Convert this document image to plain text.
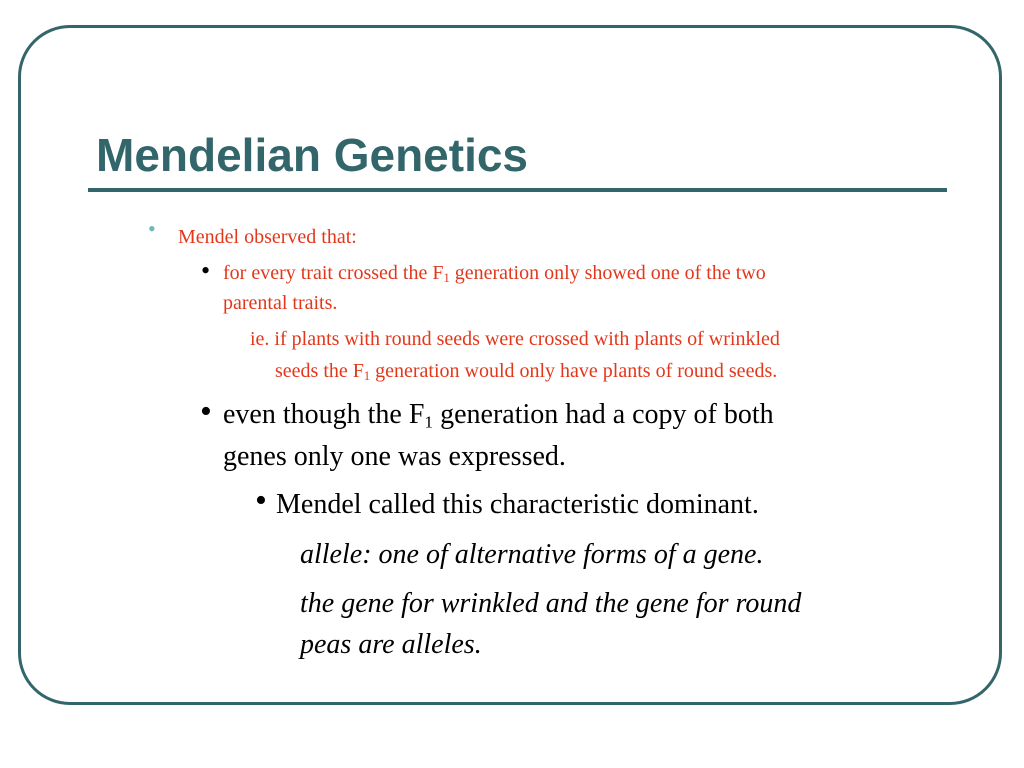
Mendelian Genetics
• Mendel observed that:
• for every trait crossed the $F_1$ generation only showed one of the two
parental traits.
ie. if plants with round seeds were crossed with plants of wrinkled
seeds the $F_1$ generation would only have plants of round seeds.
• even though the $F_1$ generation had a copy of both
genes only one was expressed.
• Mendel called this characteristic dominant.
allele: one of alternative forms of a gene.
the gene for wrinkled and the gene for round
peas are alleles.
